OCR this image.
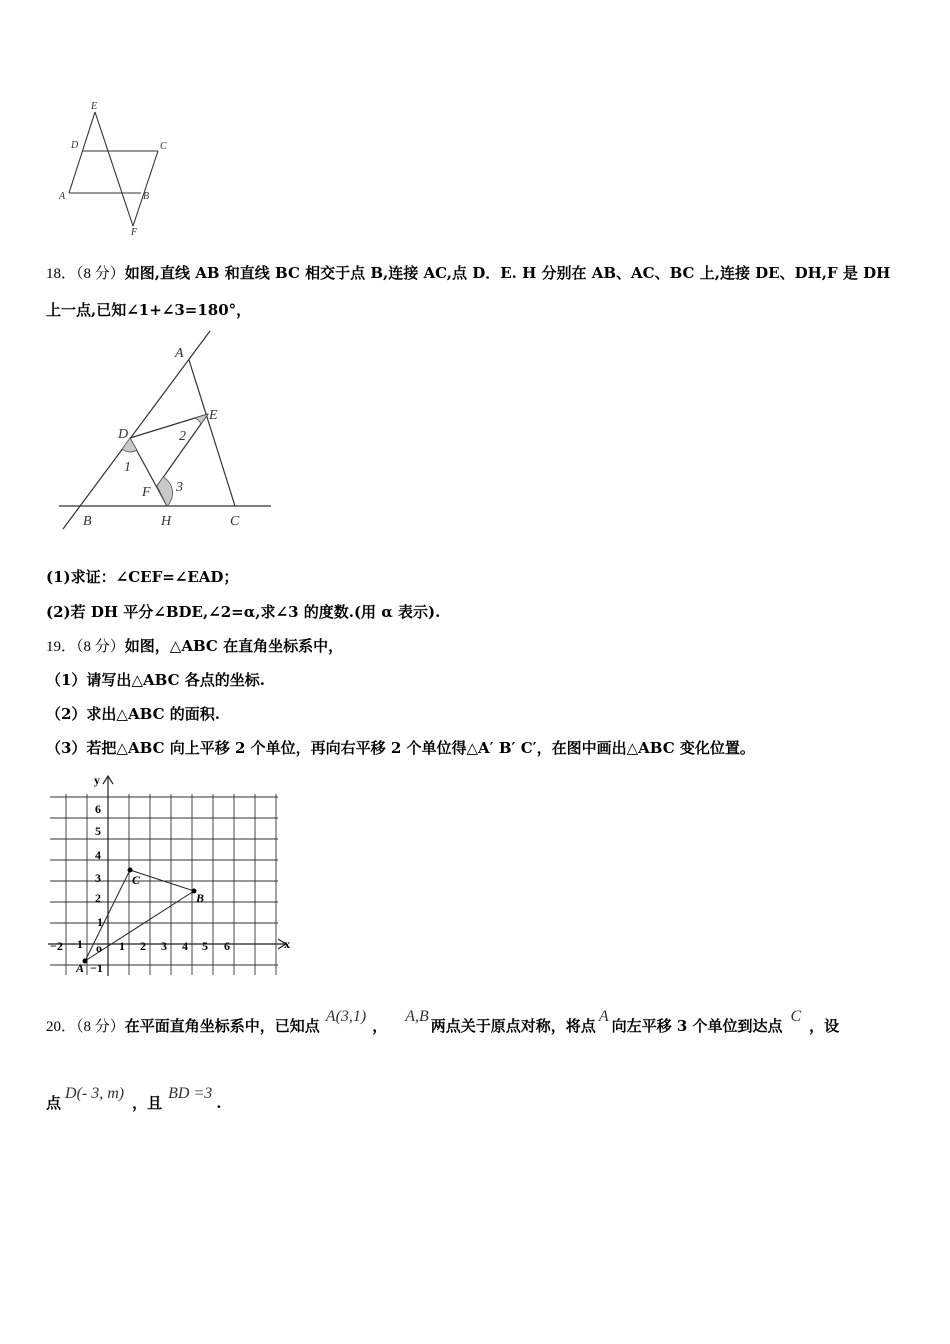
E
D	C
A	B
F
18．（8 分）如图,直线 AB 和直线 BC 相交于点 B,连接 AC,点 D．E. H 分别在 AB、AC、BC 上,连接 DE、DH,F 是 DH
上一点,已知∠1+∠3=180°，
A
E
D	2
1
F 3
B	H	C
(1)求证：∠CEF=∠EAD；
(2)若 DH 平分∠BDE,∠2=α,求∠3 的度数.(用 α 表示).
19．（8 分）如图，△ABC 在直角坐标系中，
（1）请写出△ABC 各点的坐标.
（2）求出△ABC 的面积.
（3）若把△ABC 向上平移 2 个单位，再向右平移 2 个单位得△A′ B′ C′，在图中画出△ABC 变化位置。
y
x
o
6
5
4
3
2
1
−1
−2 −1	1 2 3 4 5 6
A
B
C
20．（8 分）在平面直角坐标系中，已知点A(3,1)，A,B两点关于原点对称，将点A向左平移 3 个单位到达点C，设
点D(- 3, m)，且BD =3.
